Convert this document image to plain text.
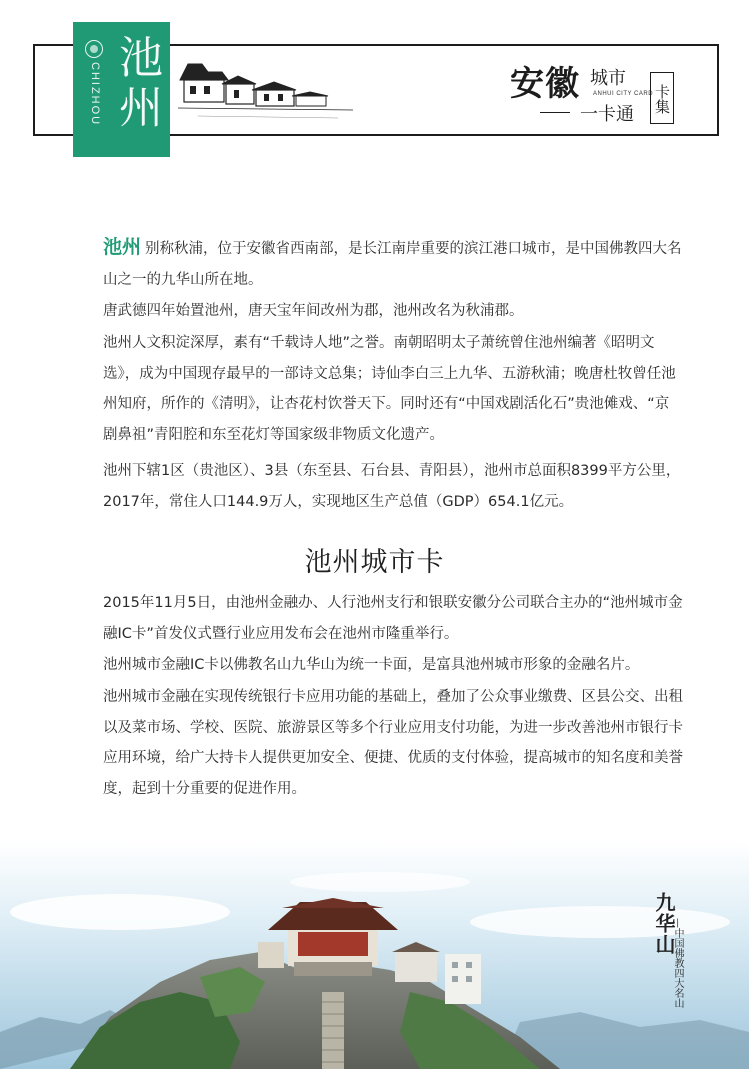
CHIZHOU 池州	安徽 城市
ANHUI CITY CARD
一卡通
卡集

池州 别称秋浦，位于安徽省西南部，是长江南岸重要的滨江港口城市，是中国佛教四大名山之一的九华山所在地。

唐武德四年始置池州，唐天宝年间改州为郡，池州改名为秋浦郡。

池州人文积淀深厚，素有“千载诗人地”之誉。南朝昭明太子萧统曾住池州编著《昭明文选》，成为中国现存最早的一部诗文总集；诗仙李白三上九华、五游秋浦；晚唐杜牧曾任池州知府，所作的《清明》，让杏花村饮誉天下。同时还有“中国戏剧活化石”贵池傩戏、“京剧鼻祖”青阳腔和东至花灯等国家级非物质文化遗产。

池州下辖1区（贵池区）、3县（东至县、石台县、青阳县），池州市总面积8399平方公里，2017年，常住人口144.9万人，实现地区生产总值（GDP）654.1亿元。

池州城市卡

2015年11月5日，由池州金融办、人行池州支行和银联安徽分公司联合主办的“池州城市金融IC卡”首发仪式暨行业应用发布会在池州市隆重举行。

池州城市金融IC卡以佛教名山九华山为统一卡面，是富具池州城市形象的金融名片。

池州城市金融在实现传统银行卡应用功能的基础上，叠加了公众事业缴费、区县公交、出租以及菜市场、学校、医院、旅游景区等多个行业应用支付功能，为进一步改善池州市银行卡应用环境，给广大持卡人提供更加安全、便捷、优质的支付体验，提高城市的知名度和美誉度，起到十分重要的促进作用。

九华山
—中国佛教四大名山
